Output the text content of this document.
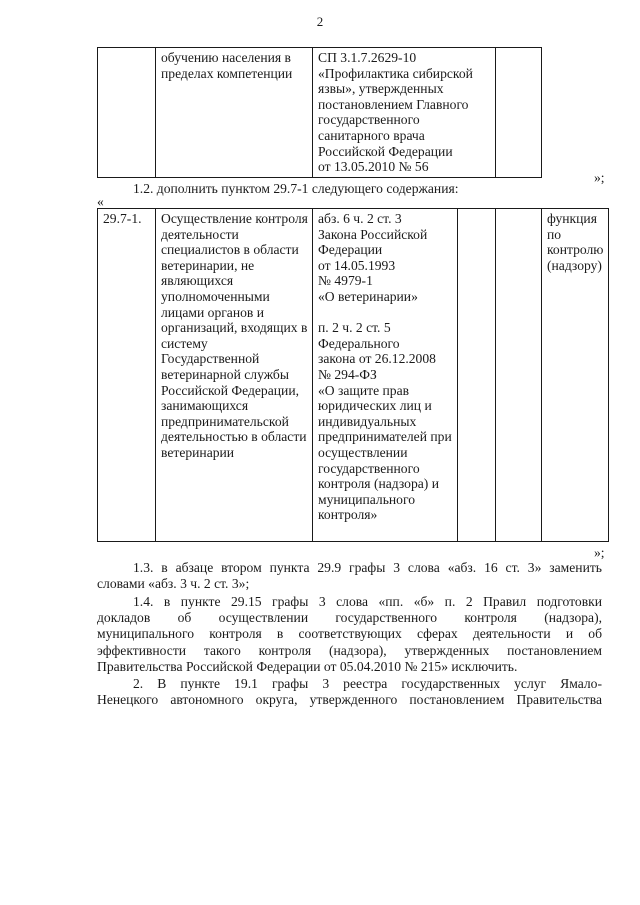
2
	обучению населения в пределах компетенции	СП 3.1.7.2629-10
«Профилактика сибирской язвы», утвержденных постановлением Главного государственного санитарного врача Российской Федерации
от 13.05.2010 № 56	
»;
1.2. дополнить пунктом 29.7-1 следующего содержания:
«
29.7-1.	Осуществление контроля деятельности специалистов в области ветеринарии, не являющихся уполномоченными лицами органов и организаций, входящих в систему Государственной ветеринарной службы Российской Федерации, занимающихся предпринимательской деятельностью в области ветеринарии	абз. 6 ч. 2 ст. 3
Закона Российской Федерации
от 14.05.1993
№ 4979-1
«О ветеринарии»

п. 2 ч. 2 ст. 5
Федерального
закона от 26.12.2008
№ 294-ФЗ
«О защите прав юридических лиц и индивидуальных предпринимателей при осуществлении государственного контроля (надзора) и муниципального контроля»			функция по контролю (надзору)
»;
1.3. в абзаце втором пункта 29.9 графы 3 слова «абз. 16 ст. 3» заменить
словами «абз. 3 ч. 2 ст. 3»;
1.4. в пункте 29.15 графы 3 слова «пп. «б» п. 2 Правил подготовки
докладов об осуществлении государственного контроля (надзора),
муниципального контроля в соответствующих сферах деятельности и об
эффективности такого контроля (надзора), утвержденных постановлением
Правительства Российской Федерации от 05.04.2010 № 215» исключить.
2. В пункте 19.1 графы 3 реестра государственных услуг Ямало-
Ненецкого автономного округа, утвержденного постановлением Правительства
